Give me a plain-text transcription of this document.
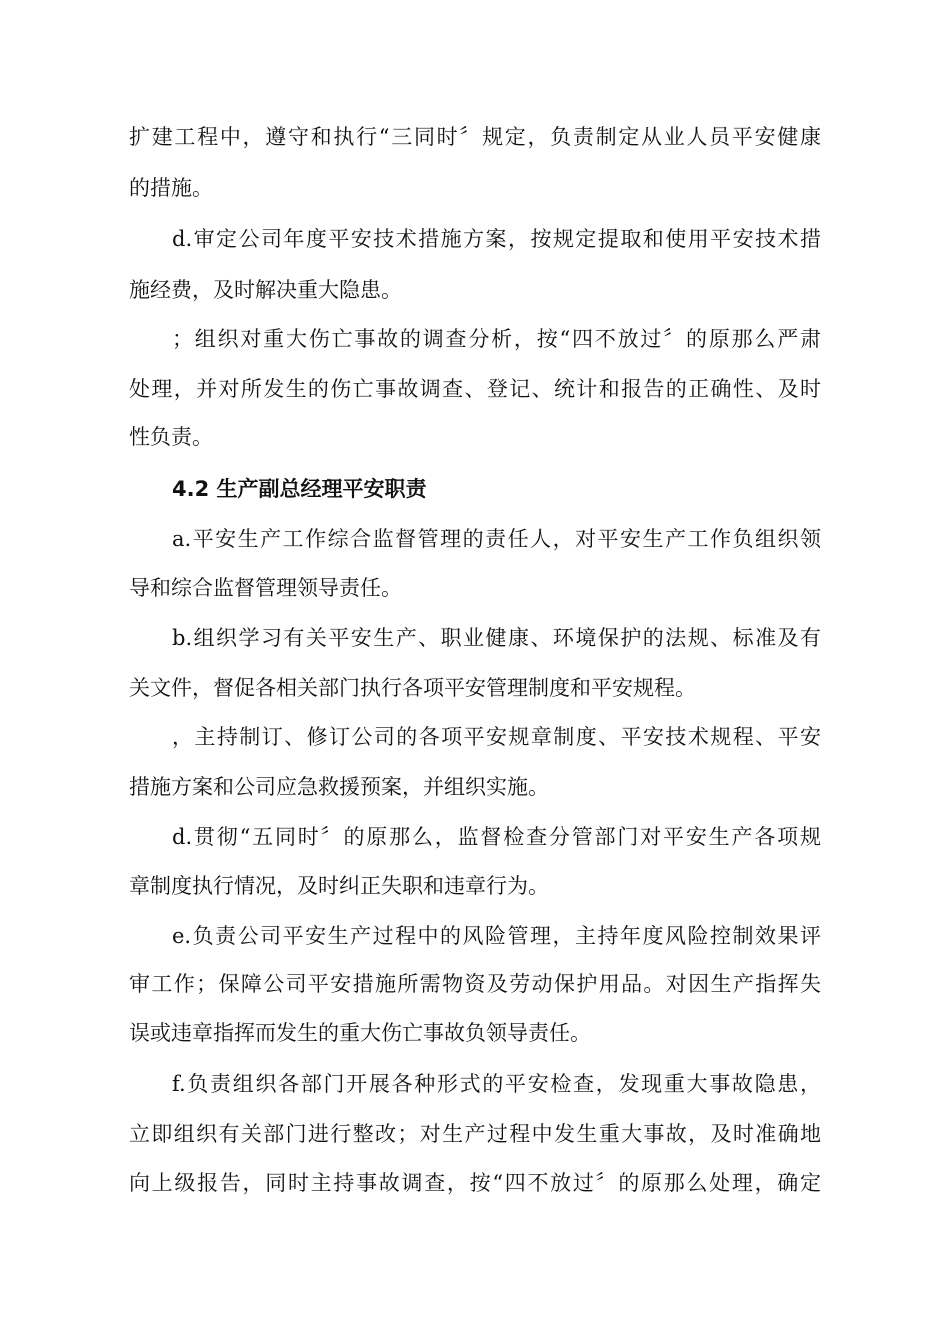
扩建工程中，遵守和执行“三同时〞规定，负责制定从业人员平安健康
的措施。
d.审定公司年度平安技术措施方案，按规定提取和使用平安技术措
施经费，及时解决重大隐患。
；组织对重大伤亡事故的调查分析，按“四不放过〞的原那么严肃
处理，并对所发生的伤亡事故调查、登记、统计和报告的正确性、及时
性负责。
4.2 生产副总经理平安职责
a.平安生产工作综合监督管理的责任人，对平安生产工作负组织领
导和综合监督管理领导责任。
b.组织学习有关平安生产、职业健康、环境保护的法规、标准及有
关文件，督促各相关部门执行各项平安管理制度和平安规程。
，主持制订、修订公司的各项平安规章制度、平安技术规程、平安
措施方案和公司应急救援预案，并组织实施。
d.贯彻“五同时〞的原那么，监督检查分管部门对平安生产各项规
章制度执行情况，及时纠正失职和违章行为。
e.负责公司平安生产过程中的风险管理，主持年度风险控制效果评
审工作；保障公司平安措施所需物资及劳动保护用品。对因生产指挥失
误或违章指挥而发生的重大伤亡事故负领导责任。
f.负责组织各部门开展各种形式的平安检查，发现重大事故隐患，
立即组织有关部门进行整改；对生产过程中发生重大事故，及时准确地
向上级报告，同时主持事故调查，按“四不放过〞的原那么处理，确定
